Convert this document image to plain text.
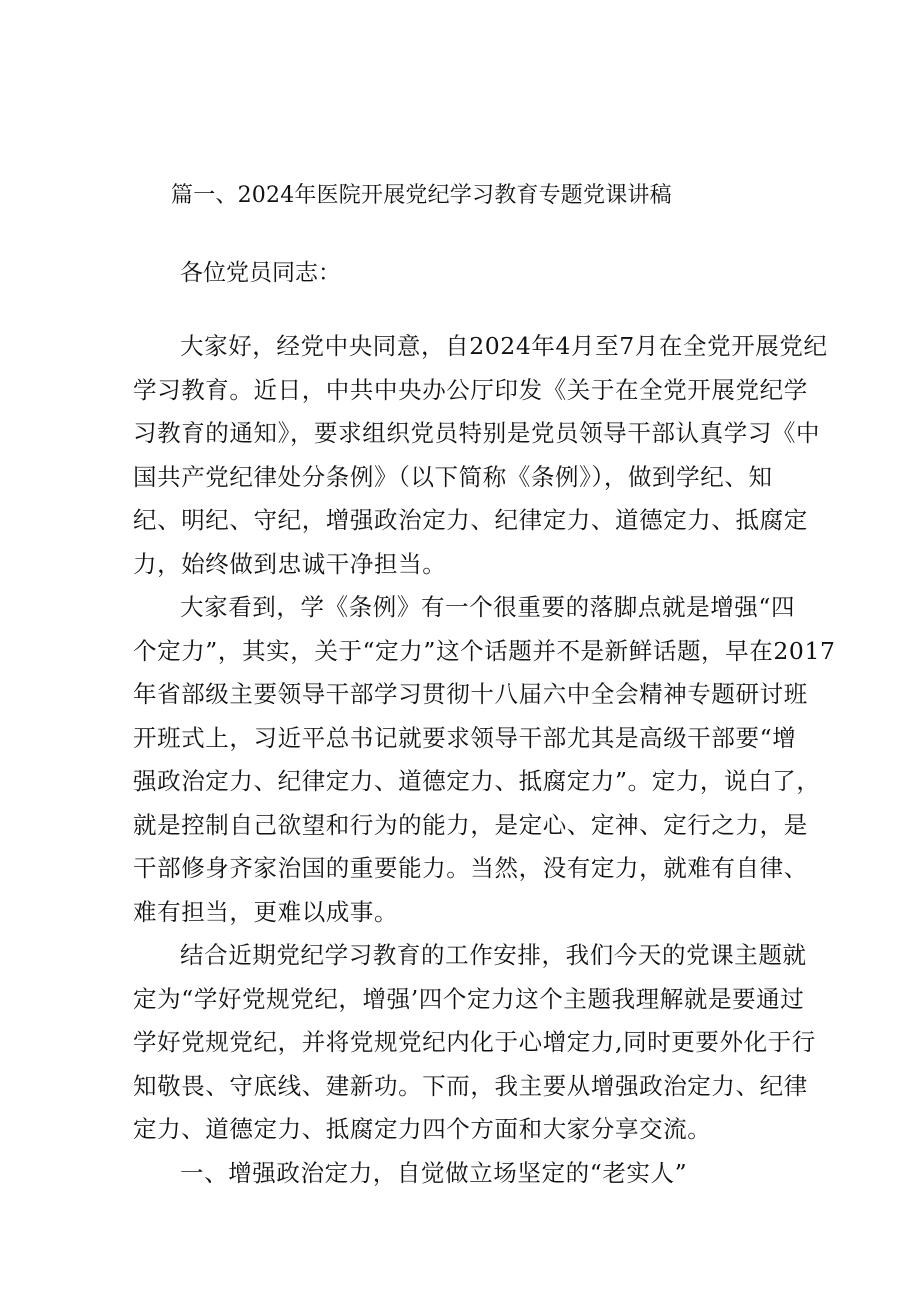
篇一、2024年医院开展党纪学习教育专题党课讲稿
各位党员同志：
大家好，经党中央同意，自2024年4月至7月在全党开展党纪
学习教育。近日，中共中央办公厅印发《关于在全党开展党纪学
习教育的通知》，要求组织党员特别是党员领导干部认真学习《中
国共产党纪律处分条例》（以下简称《条例》），做到学纪、知
纪、明纪、守纪，增强政治定力、纪律定力、道德定力、抵腐定
力，始终做到忠诚干净担当。
大家看到，学《条例》有一个很重要的落脚点就是增强“四
个定力”，其实，关于“定力”这个话题并不是新鲜话题，早在2017
年省部级主要领导干部学习贯彻十八届六中全会精神专题研讨班
开班式上，习近平总书记就要求领导干部尤其是高级干部要“增
强政治定力、纪律定力、道德定力、抵腐定力”。定力，说白了，
就是控制自己欲望和行为的能力，是定心、定神、定行之力，是
干部修身齐家治国的重要能力。当然，没有定力，就难有自律、
难有担当，更难以成事。
结合近期党纪学习教育的工作安排，我们今天的党课主题就
定为“学好党规党纪，增强’四个定力这个主题我理解就是要通过
学好党规党纪，并将党规党纪内化于心增定力,同时更要外化于行
知敬畏、守底线、建新功。下而，我主要从增强政治定力、纪律
定力、道德定力、抵腐定力四个方面和大家分享交流。
一、增强政治定力，自觉做立场坚定的“老实人”
